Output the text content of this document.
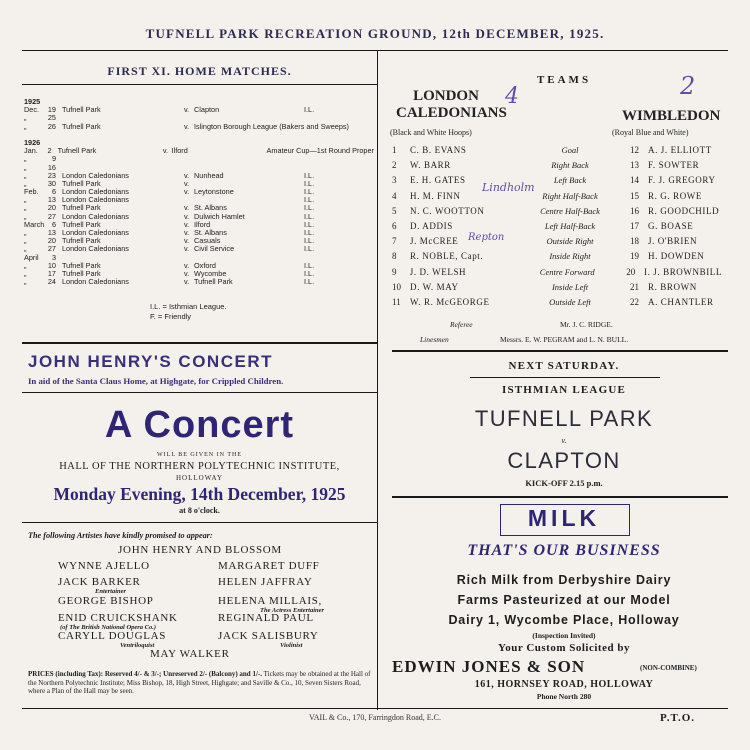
TUFNELL PARK RECREATION GROUND, 12th DECEMBER, 1925.
FIRST XI. HOME MATCHES.
1925
Dec.	19 Tufnell Park	v. Clapton	I.L.
„	25
„	26 Tufnell Park	v. Islington Borough League (Bakers and Sweeps)
1926
Jan.	2 Tufnell Park	v. Ilford	Amateur Cup—1st Round Proper
„	9
„	16
„	23 London Caledonians	v. Nunhead	I.L.
„	30 Tufnell Park	v.	I.L.
Feb.	6 London Caledonians	v. Leytonstone	I.L.
„	13 London Caledonians	I.L.
„	20 Tufnell Park	v. St. Albans	I.L.
„	27 London Caledonians	v. Dulwich Hamlet	I.L.
March	6 Tufnell Park	v. Ilford	I.L.
„	13 London Caledonians	v. St. Albans	I.L.
„	20 Tufnell Park	v. Casuals	I.L.
„	27 London Caledonians	v. Civil Service	I.L.
April	3
„	10 Tufnell Park	v. Oxford	I.L.
„	17 Tufnell Park	v. Wycombe	I.L.
„	24 London Caledonians	v. Tufnell Park	I.L.
I.L. = Isthmian League.
F. = Friendly
JOHN HENRY'S CONCERT
In aid of the Santa Claus Home, at Highgate, for Crippled Children.
A Concert
WILL BE GIVEN IN THE
HALL OF THE NORTHERN POLYTECHNIC INSTITUTE,
HOLLOWAY
Monday Evening, 14th December, 1925
at 8 o'clock.
The following Artistes have kindly promised to appear:
JOHN HENRY AND BLOSSOM
WYNNE AJELLO
JACK BARKER
Entertainer
GEORGE BISHOP
ENID CRUICKSHANK
(of The British National Opera Co.)
CARYLL DOUGLAS
Ventriloquist
MARGARET DUFF
HELEN JAFFRAY
HELENA MILLAIS,
The Actress Entertainer
REGINALD PAUL
JACK SALISBURY
Violinist
MAY WALKER
PRICES (including Tax): Reserved 4/- & 3/-; Unreserved 2/- (Balcony) and 1/-. Tickets may be obtained at the Hall of the Northern Polytechnic Institute; Miss Bishop, 18, High Street, Highgate; and Saville & Co., 10, Seven Sisters Road, where a Plan of the Hall may be seen.
TEAMS
LONDON CALEDONIANS
(Black and White Hoops)
4	2
WIMBLEDON
(Royal Blue and White)
1	C. B. EVANS	Goal	12	A. J. ELLIOTT
2	W. BARR	Right Back	13	F. SOWTER
3	E. H. GATES	Left Back	14	F. J. GREGORY
4	H. M. FINN	Right Half-Back	15	R. G. ROWE
5	N. C. WOOTTON	Centre Half-Back	16	R. GOODCHILD
6	D. ADDIS	Left Half-Back	17	G. BOASE
7	J. McCREE	Outside Right	18	J. O'BRIEN
8	R. NOBLE, Capt.	Inside Right	19	H. DOWDEN
9	J. D. WELSH	Centre Forward	20 I. J. BROWNBILL
10	D. W. MAY	Inside Left	21	R. BROWN
11	W. R. McGEORGE	Outside Left	22	A. CHANTLER
Lindholm
Repton
Referee	Mr. J. C. RIDGE.
Linesmen	Messrs. E. W. PEGRAM and L. N. BULL.
NEXT SATURDAY.
ISTHMIAN LEAGUE
TUFNELL PARK
v.
CLAPTON
KICK-OFF 2.15 p.m.
MILK
THAT'S OUR BUSINESS
Rich Milk from Derbyshire Dairy
Farms Pasteurized at our Model
Dairy 1, Wycombe Place, Holloway
(Inspection Invited)
Your Custom Solicited by
EDWIN JONES & SON	(NON-COMBINE)
161, HORNSEY ROAD, HOLLOWAY
Phone North 280
VAIL & Co., 170, Farringdon Road, E.C.	P.T.O.
